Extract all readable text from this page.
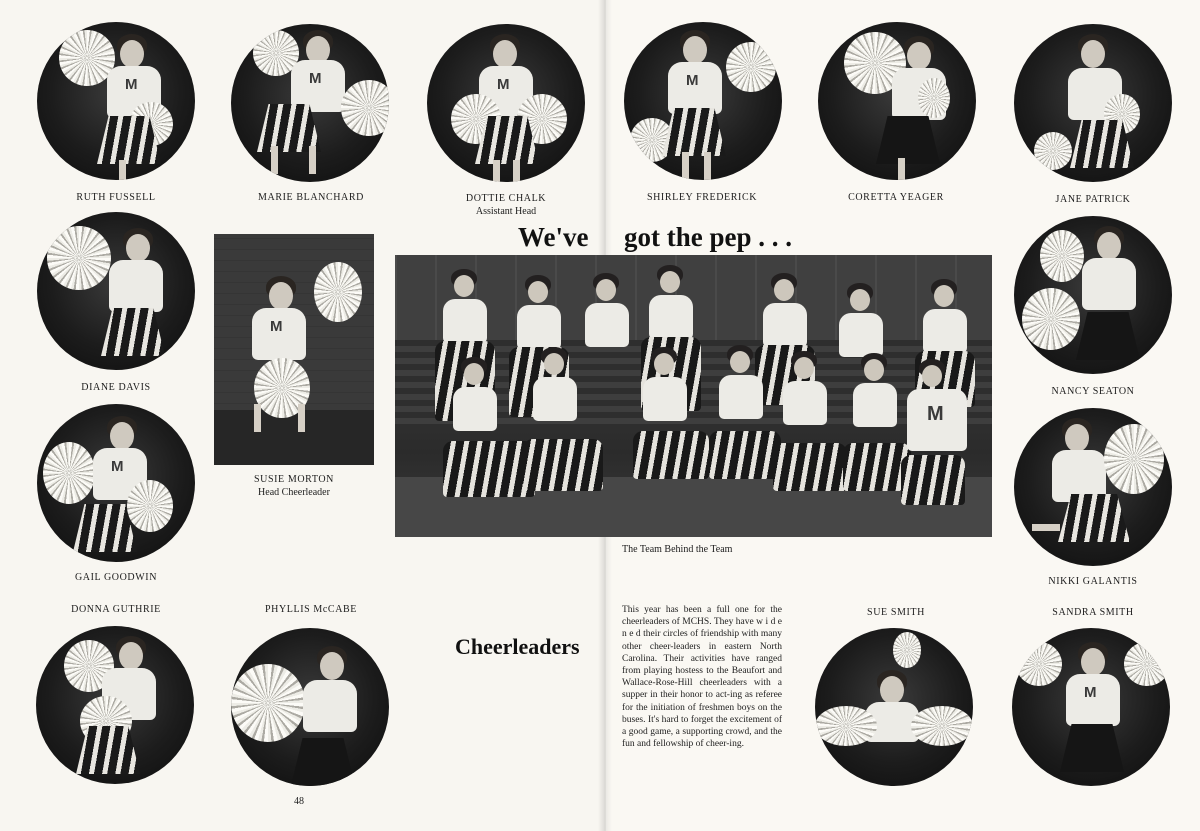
M
RUTH FUSSELL
M
MARIE BLANCHARD
M
DOTTIE CHALK
Assistant Head
M
SHIRLEY FREDERICK	CORETTA YEAGER	JANE PATRICK
We've got the pep . . .
DIANE DAVIS
M
SUSIE MORTON
Head Cheerleader
M
The Team Behind the Team
NANCY SEATON
M
GAIL GOODWIN	NIKKI GALANTIS
DONNA GUTHRIE	PHYLLIS McCABE
Cheerleaders
48
This year has been a full one for the cheerleaders of MCHS. They have w i d e n e d their circles of friendship with many other cheer-leaders in eastern North Carolina. Their activities have ranged from playing hostess to the Beaufort and Wallace-Rose-Hill cheerleaders with a supper in their honor to act-ing as referee for the initiation of freshmen boys on the buses. It's hard to forget the excitement of a good game, a supporting crowd, and the fun and fellowship of cheer-ing.
SUE SMITH	SANDRA SMITH
M
